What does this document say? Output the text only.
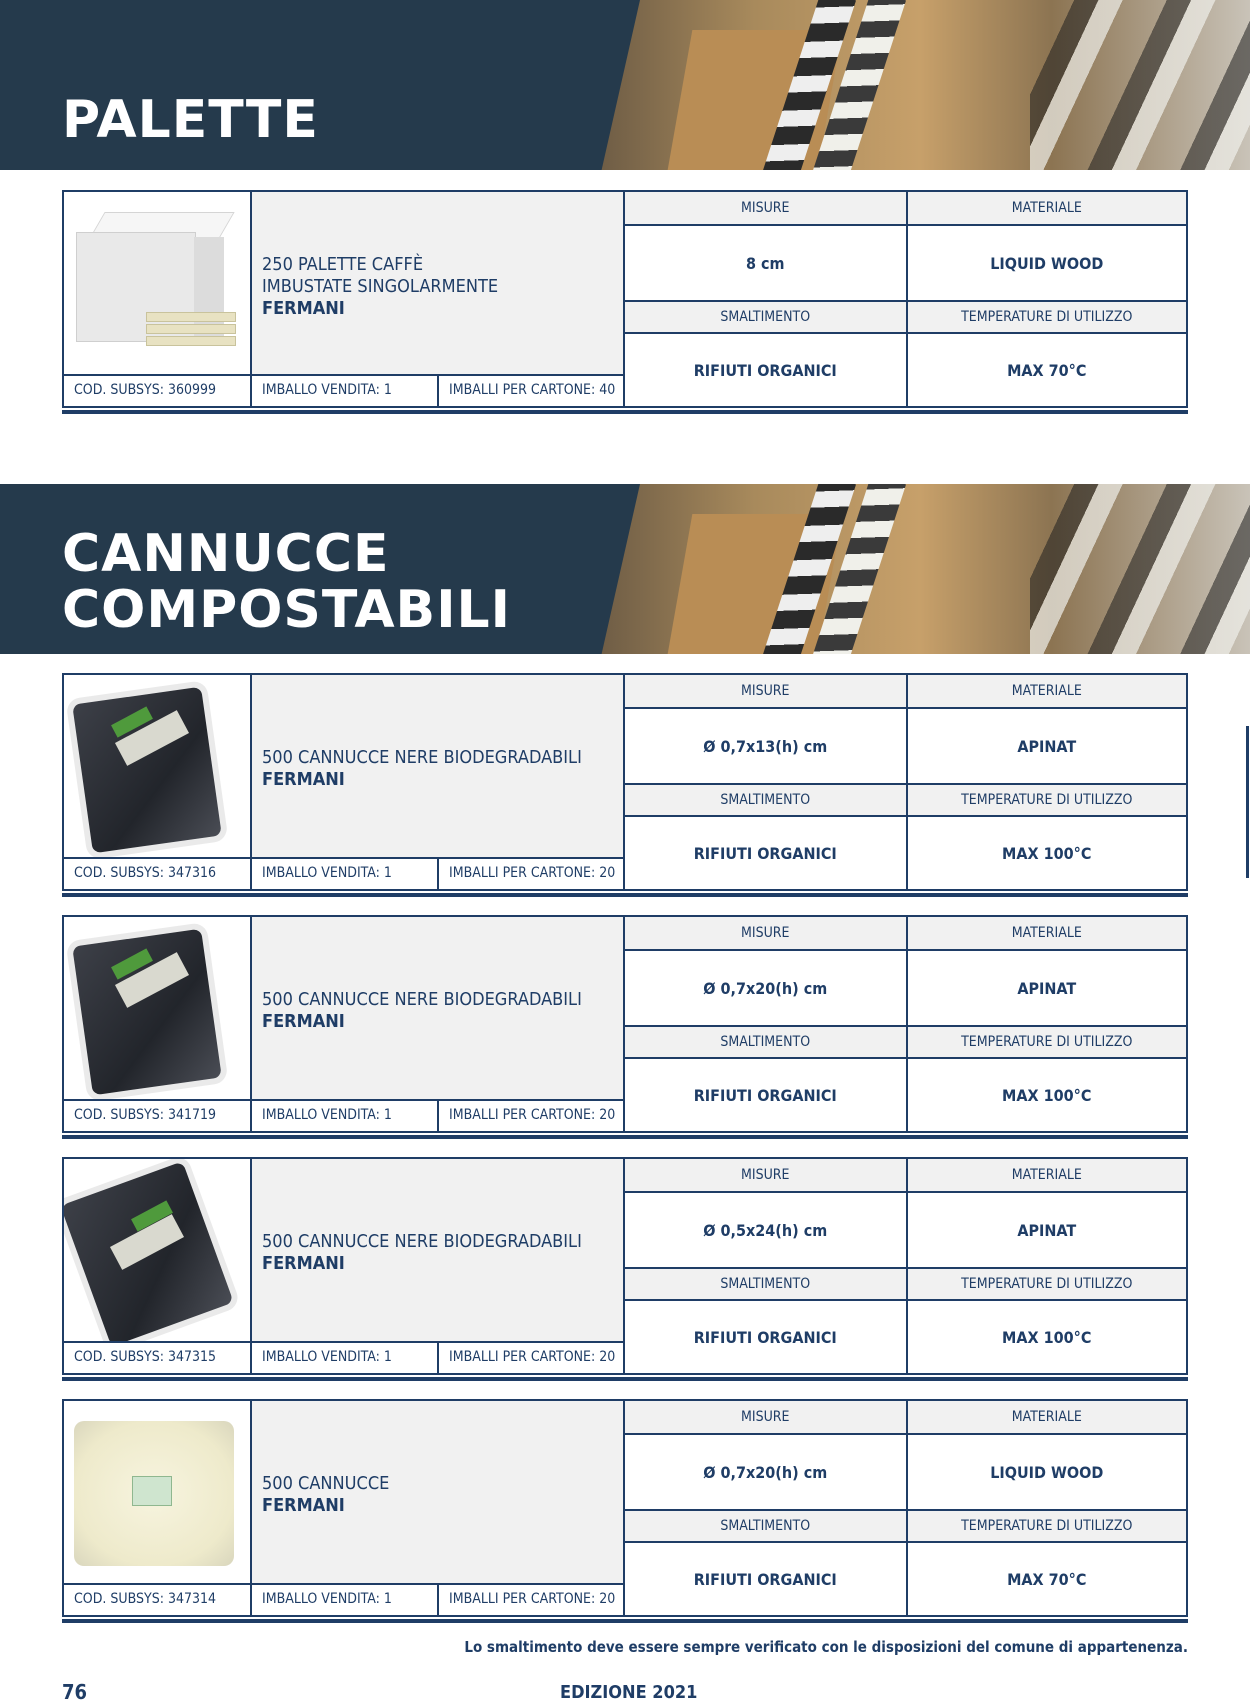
PALETTE
250 PALETTE CAFFÈ
IMBUSTATE SINGOLARMENTE
FERMANI
COD. SUBSYS: 360999	IMBALLO VENDITA: 1	IMBALLI PER CARTONE: 40
MISURE	MATERIALE
8 cm	LIQUID WOOD
SMALTIMENTO	TEMPERATURE DI UTILIZZO
RIFIUTI ORGANICI	MAX 70°C
CANNUCCE
COMPOSTABILI
500 CANNUCCE NERE BIODEGRADABILI
FERMANI
COD. SUBSYS: 347316	IMBALLO VENDITA: 1	IMBALLI PER CARTONE: 20
MISURE	MATERIALE
Ø 0,7x13(h) cm	APINAT
SMALTIMENTO	TEMPERATURE DI UTILIZZO
RIFIUTI ORGANICI	MAX 100°C
500 CANNUCCE NERE BIODEGRADABILI
FERMANI
COD. SUBSYS: 341719	IMBALLO VENDITA: 1	IMBALLI PER CARTONE: 20
MISURE	MATERIALE
Ø 0,7x20(h) cm	APINAT
SMALTIMENTO	TEMPERATURE DI UTILIZZO
RIFIUTI ORGANICI	MAX 100°C
500 CANNUCCE NERE BIODEGRADABILI
FERMANI
COD. SUBSYS: 347315	IMBALLO VENDITA: 1	IMBALLI PER CARTONE: 20
MISURE	MATERIALE
Ø 0,5x24(h) cm	APINAT
SMALTIMENTO	TEMPERATURE DI UTILIZZO
RIFIUTI ORGANICI	MAX 100°C
500 CANNUCCE
FERMANI
COD. SUBSYS: 347314	IMBALLO VENDITA: 1	IMBALLI PER CARTONE: 20
MISURE	MATERIALE
Ø 0,7x20(h) cm	LIQUID WOOD
SMALTIMENTO	TEMPERATURE DI UTILIZZO
RIFIUTI ORGANICI	MAX 70°C
Lo smaltimento deve essere sempre verificato con le disposizioni del comune di appartenenza.
76	EDIZIONE 2021
